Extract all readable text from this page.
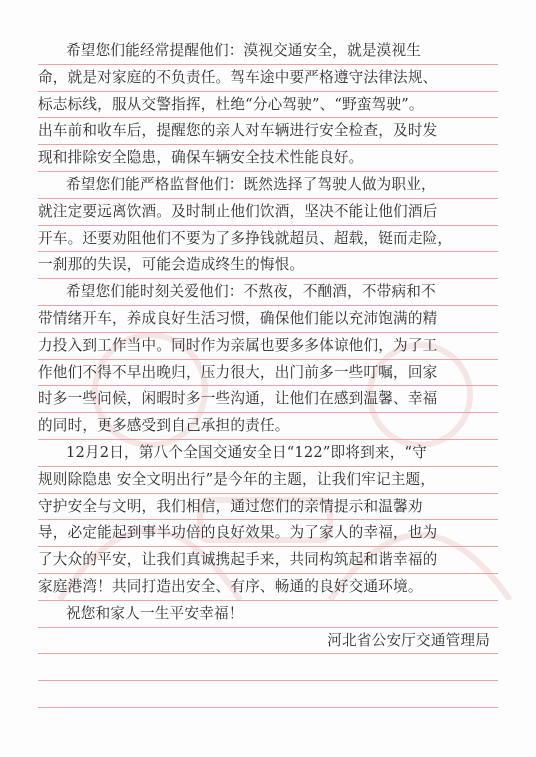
希望您们能经常提醒他们：漠视交通安全，就是漠视生
命，就是对家庭的不负责任。驾车途中要严格遵守法律法规、
标志标线，服从交警指挥，杜绝“分心驾驶”、“野蛮驾驶”。
出车前和收车后，提醒您的亲人对车辆进行安全检查，及时发
现和排除安全隐患，确保车辆安全技术性能良好。
希望您们能严格监督他们：既然选择了驾驶人做为职业，
就注定要远离饮酒。及时制止他们饮酒，坚决不能让他们酒后
开车。还要劝阻他们不要为了多挣钱就超员、超载，铤而走险，
一刹那的失误，可能会造成终生的悔恨。
希望您们能时刻关爱他们：不熬夜，不酗酒，不带病和不
带情绪开车，养成良好生活习惯，确保他们能以充沛饱满的精
力投入到工作当中。同时作为亲属也要多多体谅他们，为了工
作他们不得不早出晚归，压力很大，出门前多一些叮嘱，回家
时多一些问候，闲暇时多一些沟通，让他们在感到温馨、幸福
的同时，更多感受到自己承担的责任。
12月2日，第八个全国交通安全日“122”即将到来，“守
规则除隐患 安全文明出行”是今年的主题，让我们牢记主题，
守护安全与文明，我们相信，通过您们的亲情提示和温馨劝
导，必定能起到事半功倍的良好效果。为了家人的幸福，也为
了大众的平安，让我们真诚携起手来，共同构筑起和谐幸福的
家庭港湾！共同打造出安全、有序、畅通的良好交通环境。
祝您和家人一生平安幸福！
河北省公安厅交通管理局
